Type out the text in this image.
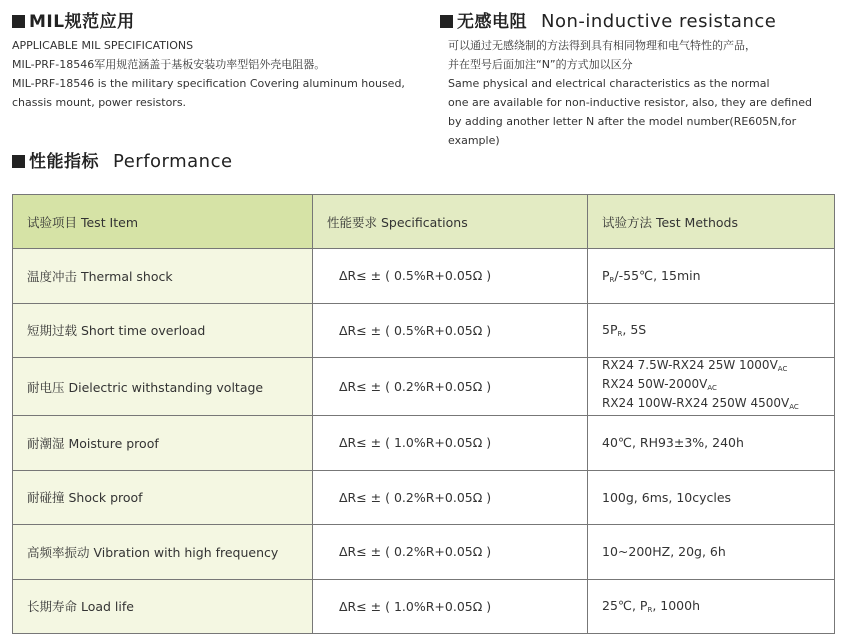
MIL规范应用
APPLICABLE MIL SPECIFICATIONS
MIL-PRF-18546军用规范涵盖于基板安装功率型铝外壳电阻器。
MIL-PRF-18546 is the military specification Covering aluminum housed,
chassis mount, power resistors.
无感电阻 Non-inductive resistance
可以通过无感绕制的方法得到具有相同物理和电气特性的产品，
并在型号后面加注“N”的方式加以区分
Same physical and electrical characteristics as the normal
one are available for non-inductive resistor, also, they are defined
by adding another letter N after the model number(RE605N,for example)
性能指标 Performance
试验项目 Test Item	性能要求 Specifications	试验方法 Test Methods
温度冲击 Thermal shock	ΔR≤ ± ( 0.5%R+0.05Ω )	$P_R/-55℃$, 15min
短期过载 Short time overload	ΔR≤ ± ( 0.5%R+0.05Ω )	$5P_R$, 5S
耐电压 Dielectric withstanding voltage	ΔR≤ ± ( 0.2%R+0.05Ω )	RX24 7.5W-RX24 25W $1000V_{AC}$
RX24 $50W-2000V_{AC}$
RX24 100W-RX24 250W $4500V_{AC}$

耐潮湿 Moisture proof	ΔR≤ ± ( 1.0%R+0.05Ω )	40℃, RH93±3%, 240h
耐碰撞 Shock proof	ΔR≤ ± ( 0.2%R+0.05Ω )	100g, 6ms, 10cycles
高频率振动 Vibration with high frequency	ΔR≤ ± ( 0.2%R+0.05Ω )	10~200HZ, 20g, 6h
长期寿命 Load life	ΔR≤ ± ( 1.0%R+0.05Ω )	25℃, $P_R$, 1000h
